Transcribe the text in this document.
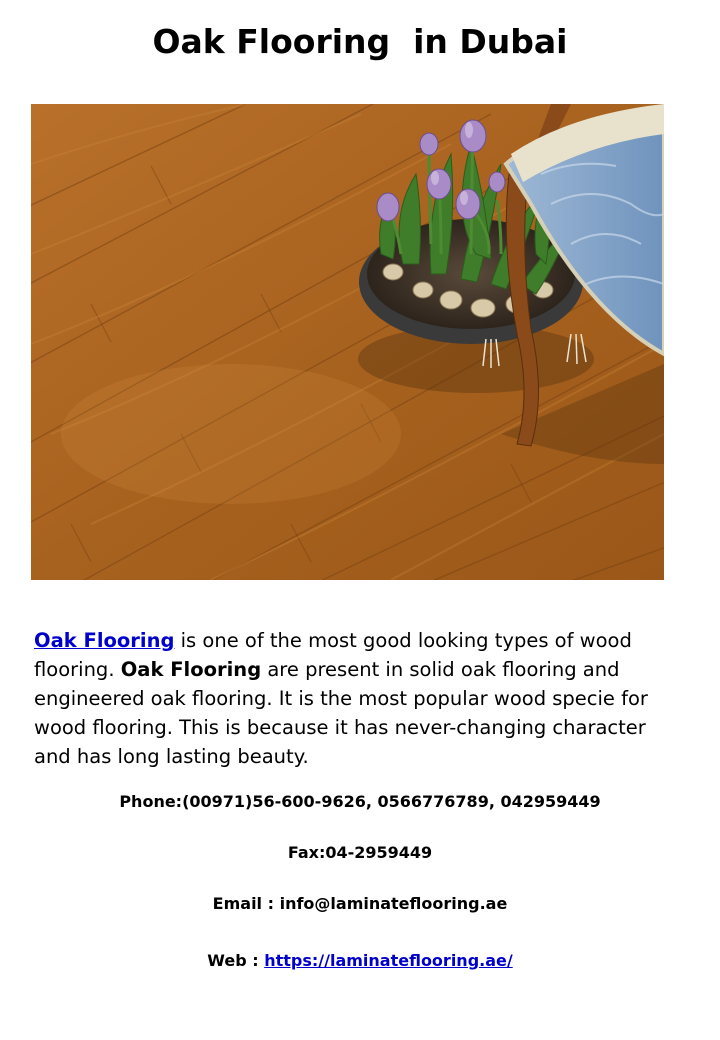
Oak Flooring  in Dubai
Oak Flooring is one of the most good looking types of wood flooring. Oak Flooring are present in solid oak flooring and engineered oak flooring. It is the most popular wood specie for wood flooring. This is because it has never-changing character and has long lasting beauty.
Phone:(00971)56-600-9626, 0566776789, 042959449
Fax:04-2959449
Email : info@laminateflooring.ae
Web : https://laminateflooring.ae/
